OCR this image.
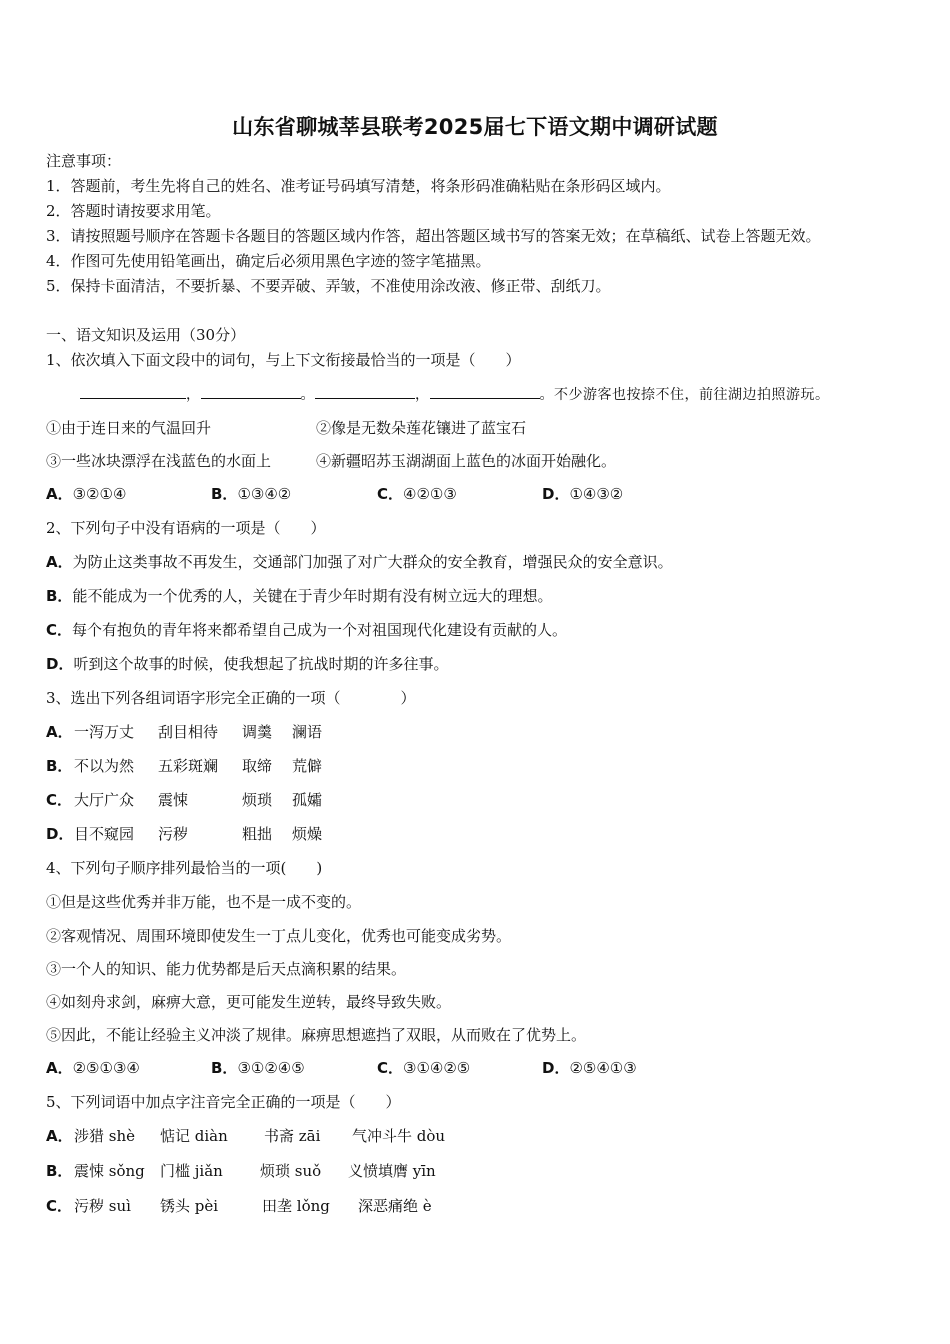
山东省聊城莘县联考2025届七下语文期中调研试题
注意事项：
1．答题前，考生先将自己的姓名、准考证号码填写清楚，将条形码准确粘贴在条形码区域内。
2．答题时请按要求用笔。
3．请按照题号顺序在答题卡各题目的答题区域内作答，超出答题区域书写的答案无效；在草稿纸、试卷上答题无效。
4．作图可先使用铅笔画出，确定后必须用黑色字迹的签字笔描黑。
5．保持卡面清洁，不要折暴、不要弄破、弄皱，不准使用涂改液、修正带、刮纸刀。
一、语文知识及运用（30分）
1、依次填入下面文段中的词句，与上下文衔接最恰当的一项是（　　）
，	。	，	。不少游客也按捺不住，前往湖边拍照游玩。
①由于连日来的气温回升	②像是无数朵莲花镶进了蓝宝石
③一些冰块漂浮在浅蓝色的水面上	④新疆昭苏玉湖湖面上蓝色的冰面开始融化。
A．③②①④	B．①③④②	C．④②①③	D．①④③②
2、下列句子中没有语病的一项是（　　）
A．为防止这类事故不再发生，交通部门加强了对广大群众的安全教育，增强民众的安全意识。
B．能不能成为一个优秀的人，关键在于青少年时期有没有树立远大的理想。
C．每个有抱负的青年将来都希望自己成为一个对祖国现代化建设有贡献的人。
D．听到这个故事的时候，使我想起了抗战时期的许多往事。
3、选出下列各组词语字形完全正确的一项（　　　　）
A． 一泻万丈 刮目相待 调羹 澜语
B． 不以为然 五彩斑斓 取缔 荒僻
C． 大厅广众 震悚	烦琐 孤孀
D． 目不窥园 污秽	粗拙 烦燥
4、下列句子顺序排列最恰当的一项(　　)
①但是这些优秀并非万能，也不是一成不变的。
②客观情况、周围环境即使发生一丁点儿变化，优秀也可能变成劣势。
③一个人的知识、能力优势都是后天点滴积累的结果。
④如刻舟求剑，麻痹大意，更可能发生逆转，最终导致失败。
⑤因此，不能让经验主义冲淡了规律。麻痹思想遮挡了双眼，从而败在了优势上。
A．②⑤①③④	B．③①②④⑤	C．③①④②⑤	D．②⑤④①③
5、下列词语中加点字注音完全正确的一项是（　　）
A． 涉猎 shè 惦记 diàn 书斋 zāi 气冲斗牛 dòu
B． 震悚 sǒng 门槛 jiǎn 烦琐 suǒ 义愤填膺 yīn
C． 污秽 suì 锈头 pèi	田垄 lǒng 深恶痛绝 è
